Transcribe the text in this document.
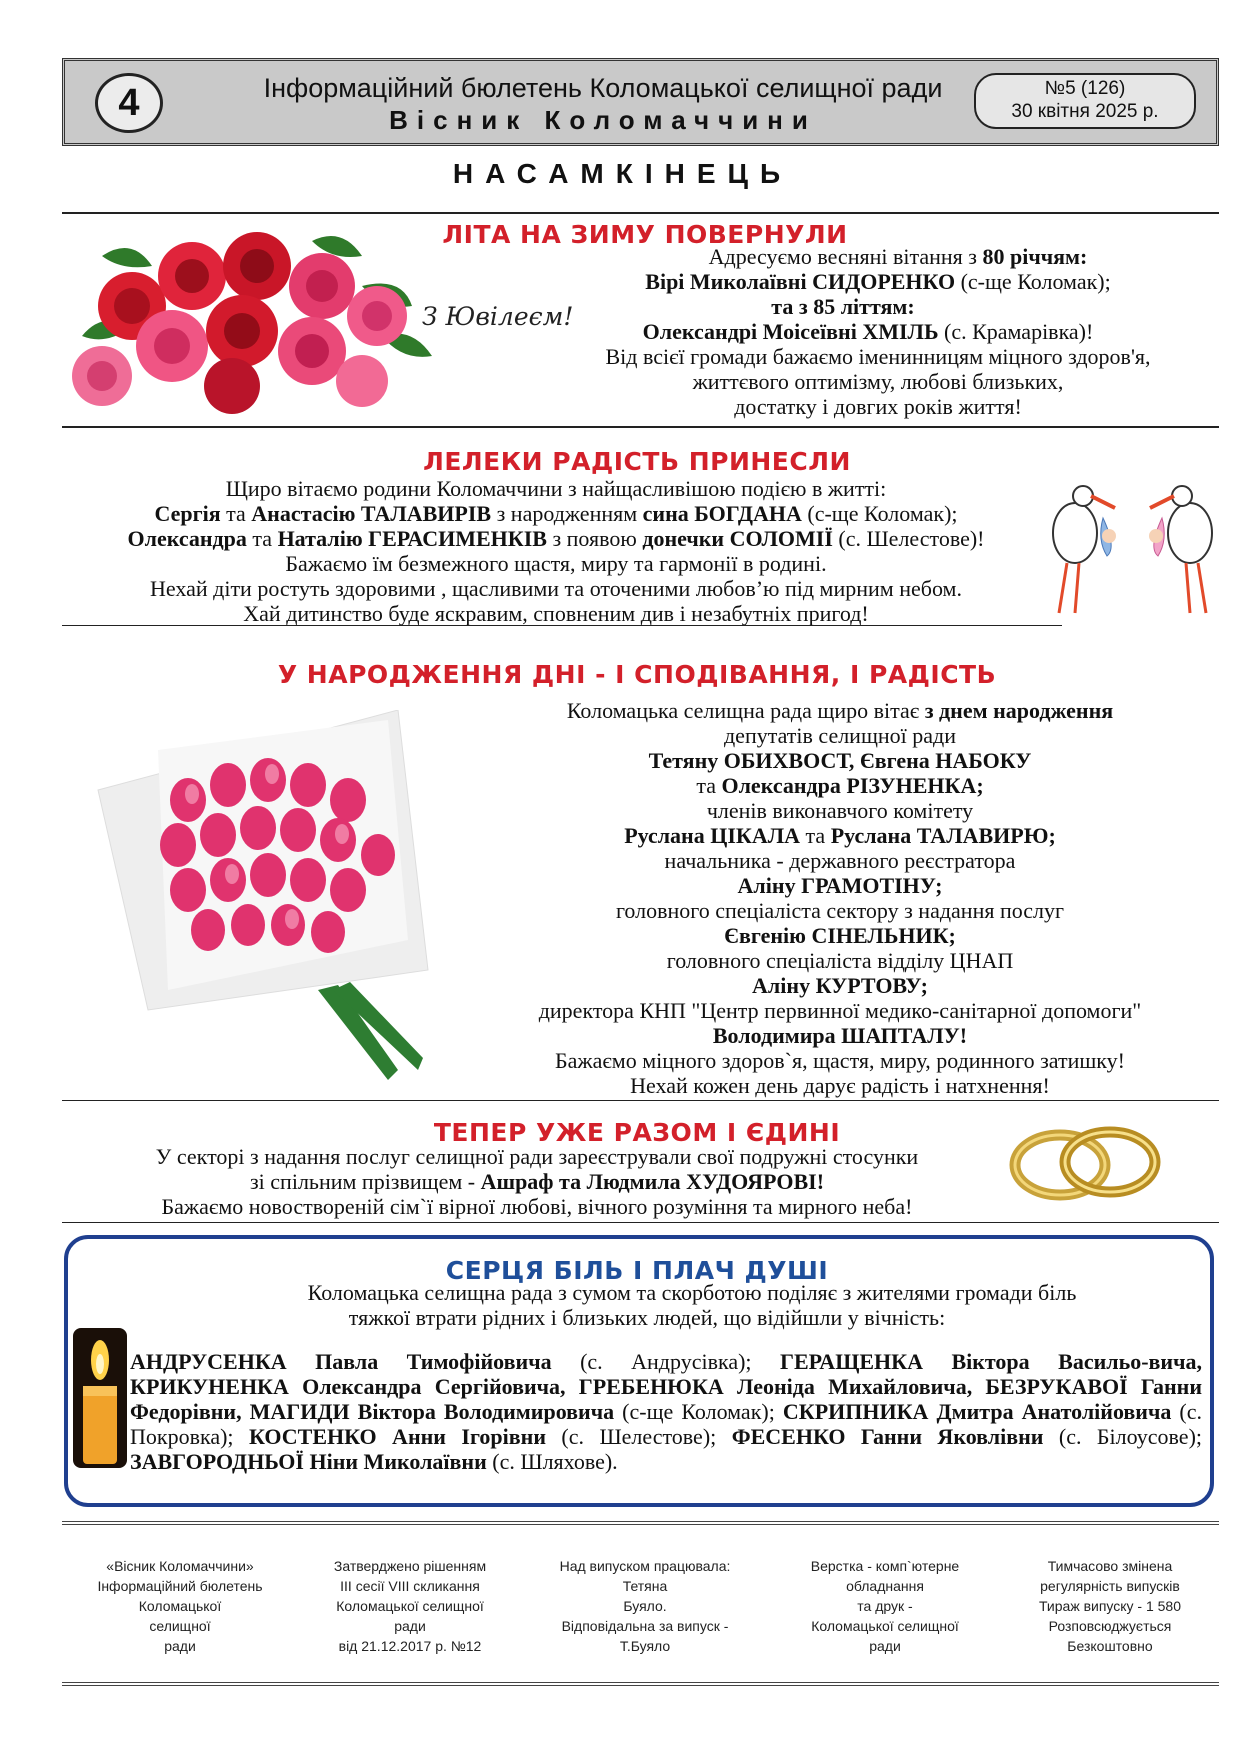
4	Інформаційний бюлетень Коломацької селищної ради
Вісник Коломаччини
№5 (126)
30 квітня 2025 р.
НАСАМКІНЕЦЬ
ЛІТА НА ЗИМУ ПОВЕРНУЛИ
З Ювілеєм!
Адресуємо весняні вітання з 80 річчям:
Вірі Миколаївні СИДОРЕНКО (с-ще Коломак);
та з 85 літтям:
Олександрі Моісеївні ХМІЛЬ (с. Крамарівка)!
Від всієї громади бажаємо іменинницям міцного здоров'я,
життєвого оптимізму, любові близьких,
достатку і довгих років життя!
ЛЕЛЕКИ РАДІСТЬ ПРИНЕСЛИ
Щиро вітаємо родини Коломаччини з найщасливішою подією в житті:
Сергія та Анастасію ТАЛАВИРІВ з народженням сина БОГДАНА (с-ще Коломак);
Олександра та Наталію ГЕРАСИМЕНКІВ з появою донечки СОЛОМІЇ (с. Шелестове)!
Бажаємо їм безмежного щастя, миру та гармонії в родині.
Нехай діти ростуть здоровими , щасливими та оточеними любов’ю під мирним небом.
Хай дитинство буде яскравим, сповненим див і незабутніх пригод!
У НАРОДЖЕННЯ ДНІ - І СПОДІВАННЯ, І РАДІСТЬ
Коломацька селищна рада щиро вітає з днем народження
депутатів селищної ради
Тетяну ОБИХВОСТ, Євгена НАБОКУ
та Олександра РІЗУНЕНКА;
членів виконавчого комітету
Руслана ЦІКАЛА та Руслана ТАЛАВИРЮ;
начальника - державного реєстратора
Аліну ГРАМОТІНУ;
головного спеціаліста сектору з надання послуг
Євгенію СІНЕЛЬНИК;
головного спеціаліста відділу ЦНАП
Аліну КУРТОВУ;
директора КНП "Центр первинної медико-санітарної допомоги"
Володимира ШАПТАЛУ!
Бажаємо міцного здоров`я, щастя, миру, родинного затишку!
Нехай кожен день дарує радість і натхнення!
ТЕПЕР УЖЕ РАЗОМ І ЄДИНІ
У секторі з надання послуг селищної ради зареєстрували свої подружні стосунки
зі спільним прізвищем - Ашраф та Людмила ХУДОЯРОВІ!
Бажаємо новоствореній сім`ї вірної любові, вічного розуміння та мирного неба!
СЕРЦЯ БІЛЬ І ПЛАЧ ДУШІ
Коломацька селищна рада з сумом та скорботою поділяє з жителями громади біль
тяжкої втрати рідних і близьких людей, що відійшли у вічність:
АНДРУСЕНКА Павла Тимофійовича (с. Андрусівка); ГЕРАЩЕНКА Віктора Васильо-вича, КРИКУНЕНКА Олександра Сергійовича, ГРЕБЕНЮКА Леоніда Михайловича, БЕЗРУКАВОЇ Ганни Федорівни, МАГИДИ Віктора Володимировича (с-ще Коломак); СКРИПНИКА Дмитра Анатолійовича (с. Покровка); КОСТЕНКО Анни Ігорівни (с. Шелестове); ФЕСЕНКО Ганни Яковлівни (с. Білоусове); ЗАВГОРОДНЬОЇ Ніни Миколаївни (с. Шляхове).
«Вісник Коломаччини»
Інформаційний бюлетень
Коломацької
селищної
ради
Затверджено рішенням
ІІІ сесії VIII скликання
Коломацької селищної
ради
від 21.12.2017 р. №12
Над випуском працювала:
Тетяна
Буяло.
Відповідальна за випуск -
Т.Буяло
Верстка - комп`ютерне
обладнання
та друк -
Коломацької селищної
ради
Тимчасово змінена
регулярність випусків
Тираж випуску - 1 580
Розповсюджується
Безкоштовно
